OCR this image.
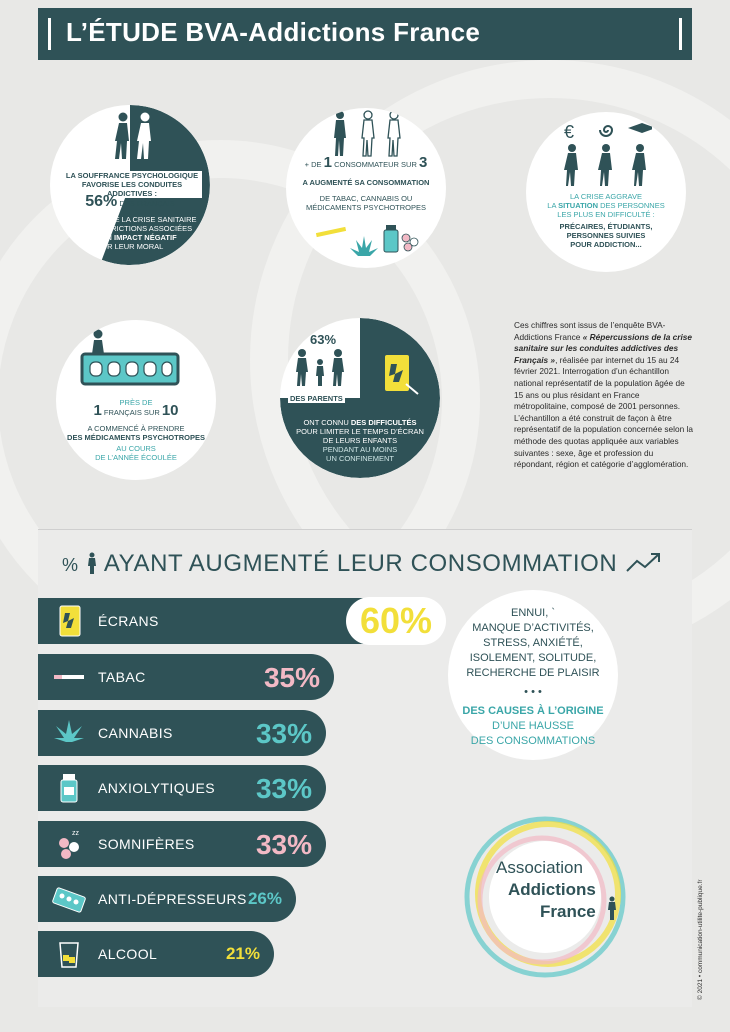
L’ÉTUDE BVA-Addictions France
LA SOUFFRANCE PSYCHOLOGIQUE
FAVORISE LES CONDUITES ADDICTIVES :
56% DES FRANÇAIS
ESTIMENT QUE LA CRISE SANITAIRE
& LES RESTRICTIONS ASSOCIÉES
ONT UN IMPACT NÉGATIF
SUR LEUR MORAL
+ DE 1 CONSOMMATEUR SUR 3
A AUGMENTÉ SA CONSOMMATION
DE TABAC, CANNABIS OU
MÉDICAMENTS PSYCHOTROPES
€
LA CRISE AGGRAVE
LA SITUATION DES PERSONNES
LES PLUS EN DIFFICULTÉ :
PRÉCAIRES, ÉTUDIANTS,
PERSONNES SUIVIES
POUR ADDICTION...
PRÈS DE
1 FRANÇAIS SUR 10
A COMMENCÉ À PRENDRE
DES MÉDICAMENTS PSYCHOTROPES
AU COURS
DE L’ANNÉE ÉCOULÉE
63%
DES PARENTS
ONT CONNU DES DIFFICULTÉS
POUR LIMITER LE TEMPS D’ÉCRAN
DE LEURS ENFANTS
PENDANT AU MOINS
UN CONFINEMENT
Ces chiffres sont issus de l’enquête BVA-Addictions France « Répercussions de la crise sanitaire sur les conduites addictives des Français », réalisée par internet du 15 au 24 février 2021. Interrogation d’un échantillon national représentatif de la population âgée de 15 ans ou plus résidant en France métropolitaine, composé de 2001 personnes. L’échantillon a été construit de façon à être représentatif de la population concernée selon la méthode des quotas appliquée aux variables suivantes : sexe, âge et profession du répondant, région et catégorie d’agglomération.
% AYANT AUGMENTÉ LEUR CONSOMMATION
ÉCRANS	60%
TABAC	35%
CANNABIS	33%
ANXIOLYTIQUES 33%
zz
SOMNIFÈRES 33%
ANTI-DÉPRESSEURS 26%
ALCOOL	21%
ENNUI, `
MANQUE D’ACTIVITÉS,
STRESS, ANXIÉTÉ,
ISOLEMENT, SOLITUDE,
RECHERCHE DE PLAISIR
• • •
DES CAUSES À L’ORIGINE
D’UNE HAUSSE
DES CONSOMMATIONS
Association
Addictions
France	© 2021 • communication-utilite-publique.fr
